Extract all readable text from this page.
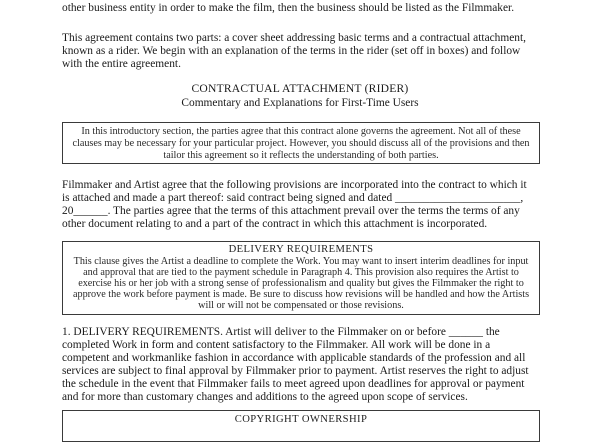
other business entity in order to make the film, then the business should be listed as the Filmmaker.
This agreement contains two parts: a cover sheet addressing basic terms and a contractual attachment,
known as a rider. We begin with an explanation of the terms in the rider (set off in boxes) and follow
with the entire agreement.
CONTRACTUAL ATTACHMENT (RIDER)
Commentary and Explanations for First-Time Users
In this introductory section, the parties agree that this contract alone governs the agreement. Not all of these
clauses may be necessary for your particular project. However, you should discuss all of the provisions and then
tailor this agreement so it reflects the understanding of both parties.
Filmmaker and Artist agree that the following provisions are incorporated into the contract to which it
is attached and made a part thereof: said contract being signed and dated ______________________,
20______. The parties agree that the terms of this attachment prevail over the terms the terms of any
other document relating to and a part of the contract in which this attachment is incorporated.
DELIVERY REQUIREMENTS
This clause gives the Artist a deadline to complete the Work. You may want to insert interim deadlines for input
and approval that are tied to the payment schedule in Paragraph 4. This provision also requires the Artist to
exercise his or her job with a strong sense of professionalism and quality but gives the Filmmaker the right to
approve the work before payment is made. Be sure to discuss how revisions will be handled and how the Artists
will or will not be compensated or those revisions.
1. DELIVERY REQUIREMENTS. Artist will deliver to the Filmmaker on or before ______ the
completed Work in form and content satisfactory to the Filmmaker. All work will be done in a
competent and workmanlike fashion in accordance with applicable standards of the profession and all
services are subject to final approval by Filmmaker prior to payment. Artist reserves the right to adjust
the schedule in the event that Filmmaker fails to meet agreed upon deadlines for approval or payment
and for more than customary changes and additions to the agreed upon scope of services.
COPYRIGHT OWNERSHIP
